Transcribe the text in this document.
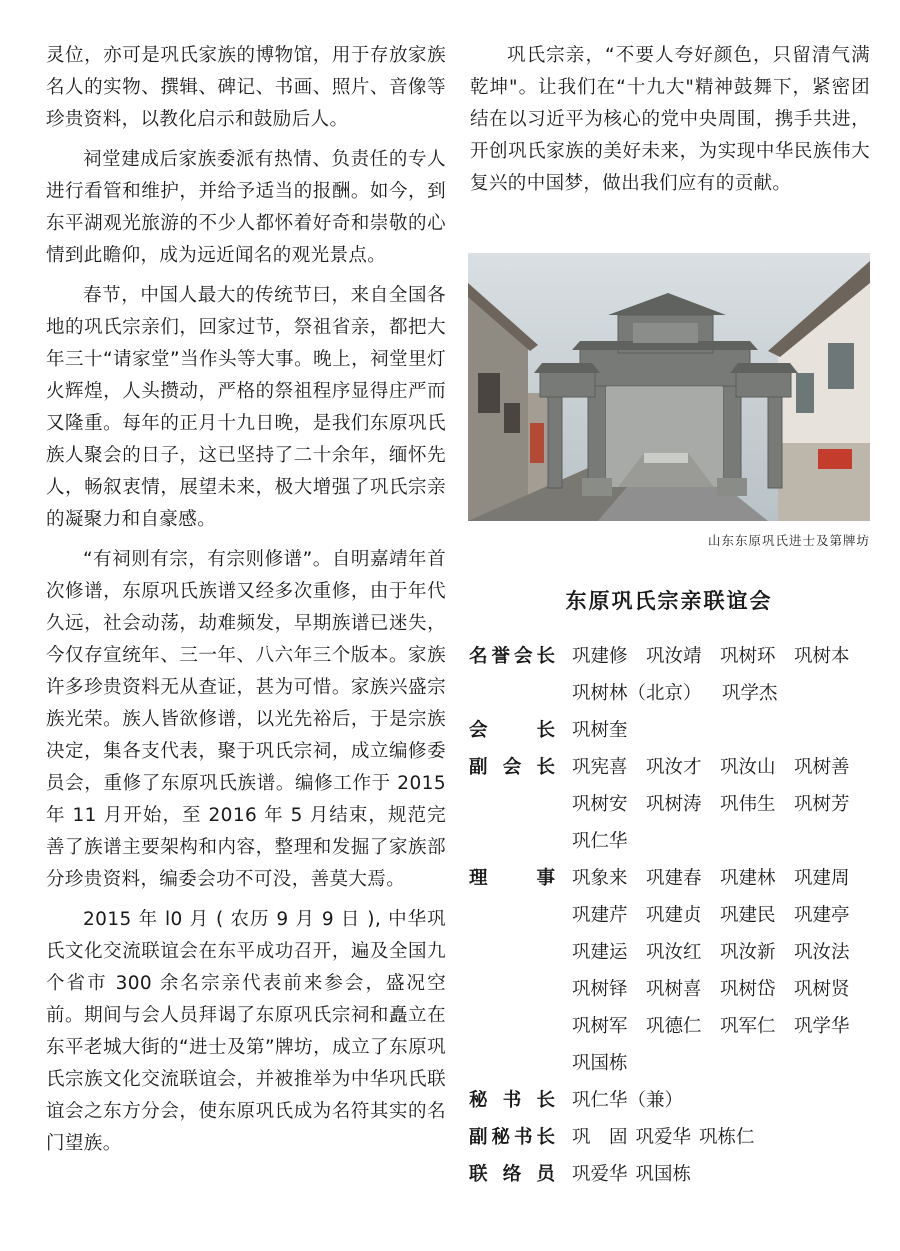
灵位，亦可是巩氏家族的博物馆，用于存放家族名人的实物、撰辑、碑记、书画、照片、音像等珍贵资料，以教化启示和鼓励后人。

祠堂建成后家族委派有热情、负责任的专人进行看管和维护，并给予适当的报酬。如今，到东平湖观光旅游的不少人都怀着好奇和崇敬的心情到此瞻仰，成为远近闻名的观光景点。

春节，中国人最大的传统节曰，来自全国各地的巩氏宗亲们，回家过节，祭祖省亲，都把大年三十“请家堂”当作头等大事。晚上，祠堂里灯火辉煌，人头攒动，严格的祭祖程序显得庄严而又隆重。每年的正月十九日晚，是我们东原巩氏族人聚会的日子，这已坚持了二十余年，缅怀先人，畅叙衷情，展望未来，极大增强了巩氏宗亲的凝聚力和自豪感。

“有祠则有宗，有宗则修谱”。自明嘉靖年首次修谱，东原巩氏族谱又经多次重修，由于年代久远，社会动荡，劫难频发，早期族谱已迷失，今仅存宣统年、三一年、八六年三个版本。家族许多珍贵资料无从查证，甚为可惜。家族兴盛宗族光荣。族人皆欲修谱，以光先裕后，于是宗族决定，集各支代表，聚于巩氏宗祠，成立编修委员会，重修了东原巩氏族谱。编修工作于 2015 年 11 月开始，至 2016 年 5 月结束，规范完善了族谱主要架构和内容，整理和发掘了家族部分珍贵资料，编委会功不可没，善莫大焉。

2015 年 l0 月 ( 农历 9 月 9 日 ), 中华巩氏文化交流联谊会在东平成功召开，遍及全国九个省市 300 余名宗亲代表前来参会，盛况空前。期间与会人员拜谒了东原巩氏宗祠和矗立在东平老城大街的“进士及第”牌坊，成立了东原巩氏宗族文化交流联谊会，并被推举为中华巩氏联谊会之东方分会，使东原巩氏成为名符其实的名门望族。

巩氏宗亲，“不要人夸好颜色，只留清气满乾坤"。让我们在“十九大"精神鼓舞下，紧密团结在以习近平为核心的党中央周围，携手共进，开创巩氏家族的美好未来，为实现中华民族伟大复兴的中国梦，做出我们应有的贡献。

山东东原巩氏进士及第牌坊
东原巩氏宗亲联谊会
名誉会长 巩建修 巩汝靖 巩树环 巩树本
巩树林（北京）	巩学杰
会长 巩树奎
副会长 巩宪喜 巩汝才 巩汝山 巩树善
巩树安 巩树涛 巩伟生 巩树芳
巩仁华
理事 巩象来 巩建春 巩建林 巩建周
巩建芹 巩建贞 巩建民 巩建亭
巩建运 巩汝红 巩汝新 巩汝法
巩树铎 巩树喜 巩树岱 巩树贤
巩树军 巩德仁 巩军仁 巩学华
巩国栋
秘书长 巩仁华（兼）
副秘书长 巩　固 巩爱华 巩栋仁
联络员 巩爱华 巩国栋
